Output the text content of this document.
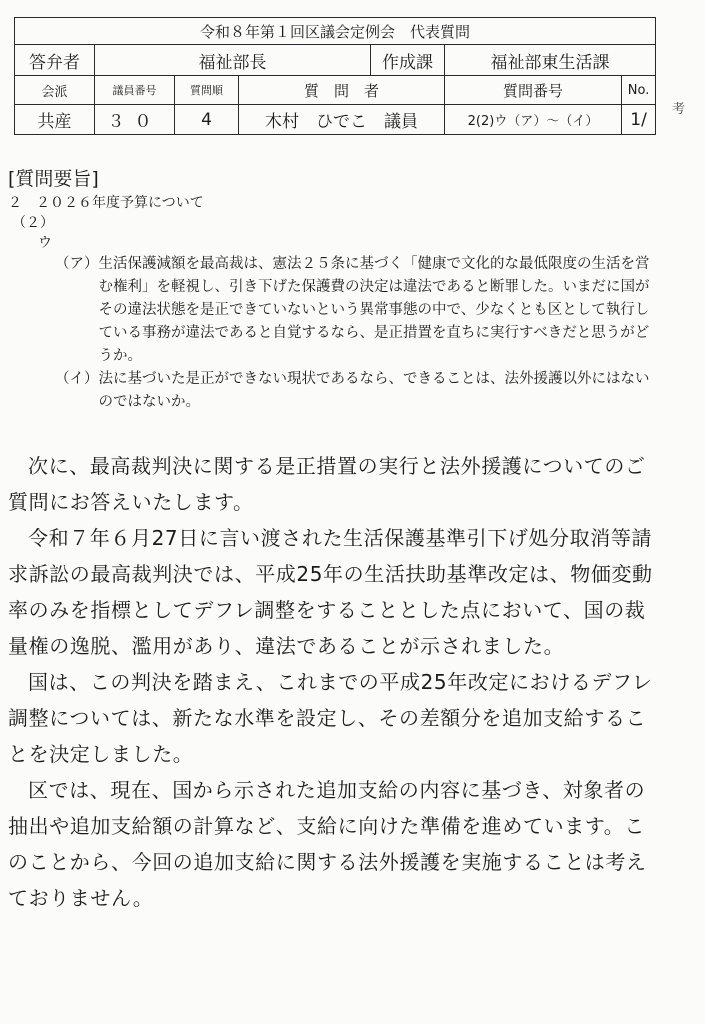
令和８年第１回区議会定例会　代表質問						
答弁者	福祉部長			作成課	福祉部東生活課	
会派	議員番号	質問順	質　問　者		質問番号	No.
共産	３０	4	木村　ひでこ　議員		2(2)ウ（ア）～（イ）	1/ 考
[質問要旨]
２　２０２６年度予算について
（２）
ウ
（ア） 生活保護減額を最高裁は、憲法２５条に基づく「健康で文化的な最低限度の生活を営む権利」を軽視し、引き下げた保護費の決定は違法であると断罪した。いまだに国がその違法状態を是正できていないという異常事態の中で、少なくとも区として執行している事務が違法であると自覚するなら、是正措置を直ちに実行すべきだと思うがどうか。
（イ） 法に基づいた是正ができない現状であるなら、できることは、法外援護以外にはないのではないか。

次に、最高裁判決に関する是正措置の実行と法外援護についてのご質問にお答えいたします。

令和７年６月27日に言い渡された生活保護基準引下げ処分取消等請求訴訟の最高裁判決では、平成25年の生活扶助基準改定は、物価変動率のみを指標としてデフレ調整をすることとした点において、国の裁量権の逸脱、濫用があり、違法であることが示されました。

国は、この判決を踏まえ、これまでの平成25年改定におけるデフレ調整については、新たな水準を設定し、その差額分を追加支給することを決定しました。

区では、現在、国から示された追加支給の内容に基づき、対象者の抽出や追加支給額の計算など、支給に向けた準備を進めています。このことから、今回の追加支給に関する法外援護を実施することは考えておりません。
